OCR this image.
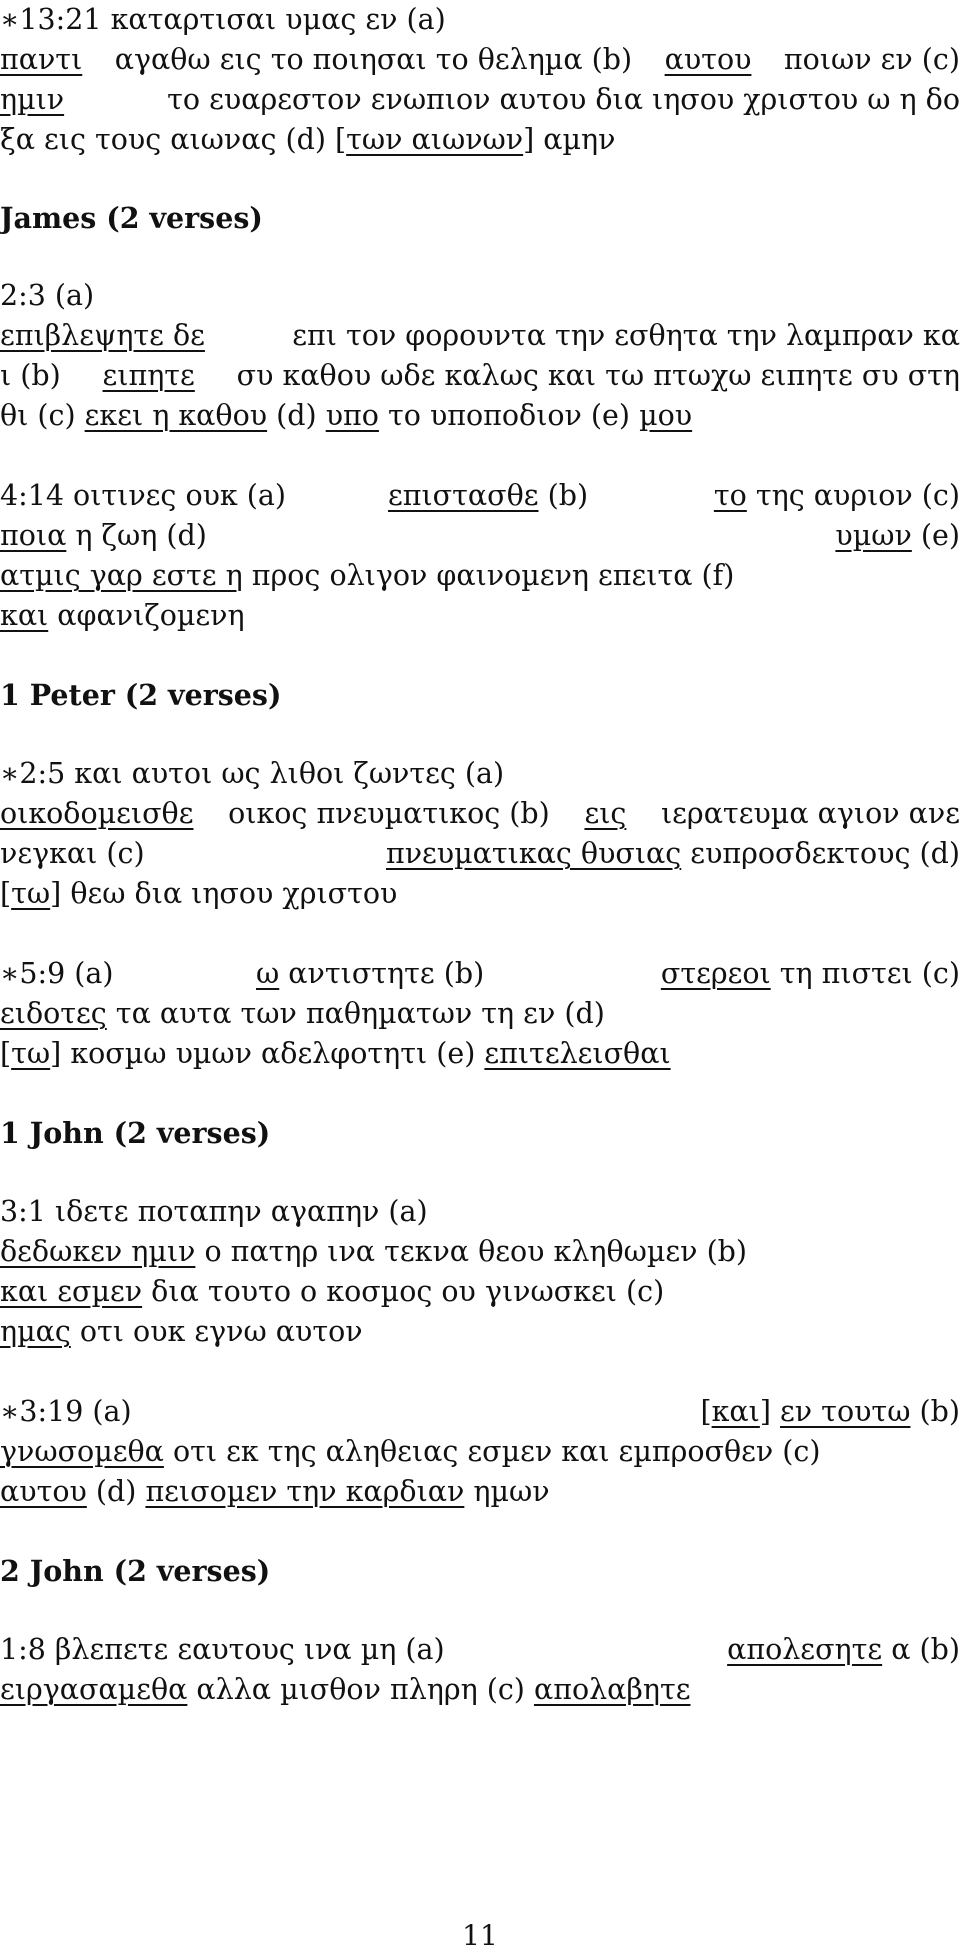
∗13:21 καταρτισαι υμας εν (a)
παντι αγαθω εις το ποιησαι το θεληµα (b) αυτου ποιων εν (c)
ηµιν	το ευαρεστον ενωπιον αυτου δια ιησου χριστου ω η δο
ξα εις τους αιωνας (d) [των αιωνων] αµην
James (2 verses)
2:3 (a)
επιβλεψητε δε	επι τον φορουντα την εσθητα την λαµπραν κα
ι (b) ειπητε συ καθου ωδε καλως και τω πτωχω ειπητε συ στη
θι (c) εκει η καθου (d) υπο το υποποδιον (e) µου
4:14 οιτινες ουκ (a)	επιστασθε (b)	το της αυριον (c)
ποια η ζωη (d)	υµων (e)
ατµις γαρ εστε η προς ολιγον φαινοµενη επειτα (f)
και αφανιζοµενη
1 Peter (2 verses)
∗2:5 και αυτοι ως λιθοι ζωντες (a)
οικοδοµεισθε οικος πνευµατικος (b) εις ιερατευµα αγιον ανε
νεγκαι (c)	πνευµατικας θυσιας ευπροσδεκτους (d)
[τω] θεω δια ιησου χριστου
∗5:9 (a)	ω αντιστητε (b)	στερεοι τη πιστει (c)
ειδοτες τα αυτα των παθηµατων τη εν (d)
[τω] κοσµω υµων αδελφοτητι (e) επιτελεισθαι
1 John (2 verses)
3:1 ιδετε ποταπην αγαπην (a)
δεδωκεν ηµιν ο πατηρ ινα τεκνα θεου κληθωµεν (b)
και εσµεν δια τουτο ο κοσµος ου γινωσκει (c)
ηµας οτι ουκ εγνω αυτον
∗3:19 (a)	[και] εν τουτω (b)
γνωσοµεθα οτι εκ της αληθειας εσµεν και εµπροσθεν (c)
αυτου (d) πεισοµεν την καρδιαν ηµων
2 John (2 verses)
1:8 βλεπετε εαυτους ινα µη (a)	απολεσητε α (b)
ειργασαµεθα αλλα µισθον πληρη (c) απολαβητε
11
